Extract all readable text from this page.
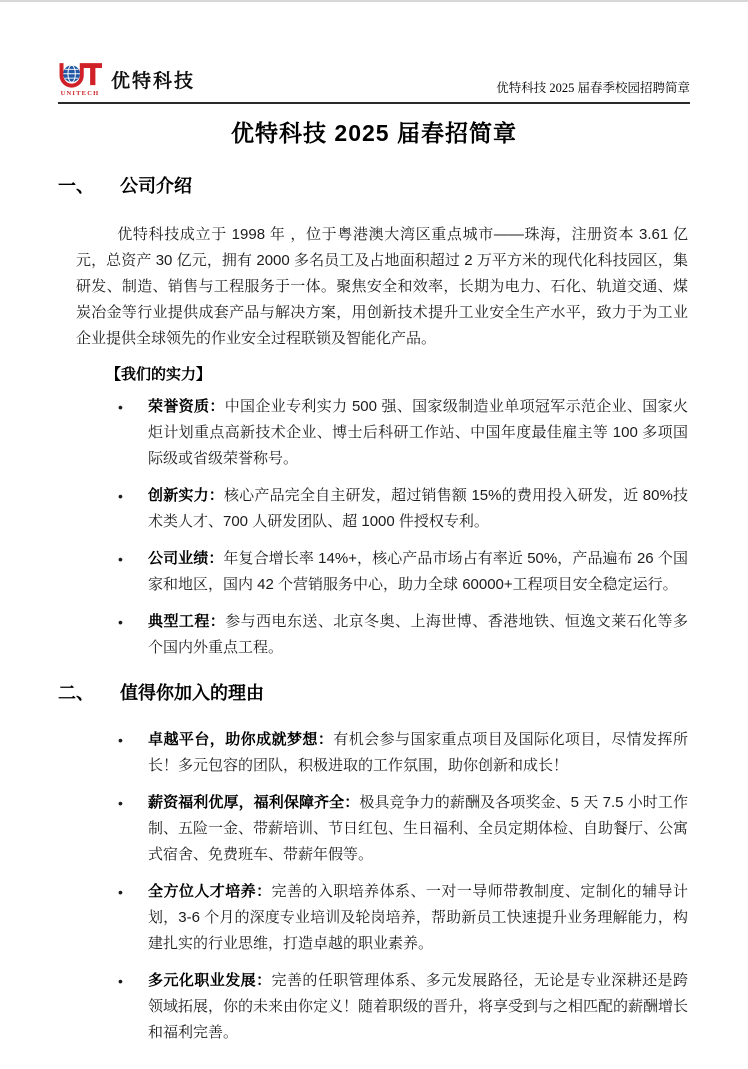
UNITECH
优特科技	优特科技 2025 届春季校园招聘简章
优特科技 2025 届春招简章
一、	公司介绍

优特科技成立于 1998 年 ，位于粤港澳大湾区重点城市——珠海，注册资本 3.61 亿元，总资产 30 亿元，拥有 2000 多名员工及占地面积超过 2 万平方米的现代化科技园区，集研发、制造、销售与工程服务于一体。聚焦安全和效率，长期为电力、石化、轨道交通、煤炭冶金等行业提供成套产品与解决方案，用创新技术提升工业安全生产水平，致力于为工业企业提供全球领先的作业安全过程联锁及智能化产品。

【我们的实力】

• 荣誉资质：中国企业专利实力 500 强、国家级制造业单项冠军示范企业、国家火炬计划重点高新技术企业、博士后科研工作站、中国年度最佳雇主等 100 多项国际级或省级荣誉称号。
• 创新实力：核心产品完全自主研发，超过销售额 15%的费用投入研发，近 80%技术类人才、700 人研发团队、超 1000 件授权专利。
• 公司业绩：年复合增长率 14%+，核心产品市场占有率近 50%，产品遍布 26 个国家和地区，国内 42 个营销服务中心，助力全球 60000+工程项目安全稳定运行。
• 典型工程：参与西电东送、北京冬奥、上海世博、香港地铁、恒逸文莱石化等多个国内外重点工程。
二、	值得你加入的理由
• 卓越平台，助你成就梦想：有机会参与国家重点项目及国际化项目，尽情发挥所长！多元包容的团队，积极进取的工作氛围，助你创新和成长！
• 薪资福利优厚，福利保障齐全：极具竞争力的薪酬及各项奖金、5 天 7.5 小时工作制、五险一金、带薪培训、节日红包、生日福利、全员定期体检、自助餐厅、公寓式宿舍、免费班车、带薪年假等。
• 全方位人才培养：完善的入职培养体系、一对一导师带教制度、定制化的辅导计划，3-6 个月的深度专业培训及轮岗培养，帮助新员工快速提升业务理解能力，构建扎实的行业思维，打造卓越的职业素养。
• 多元化职业发展：完善的任职管理体系、多元发展路径，无论是专业深耕还是跨领域拓展，你的未来由你定义！随着职级的晋升，将享受到与之相匹配的薪酬增长和福利完善。
